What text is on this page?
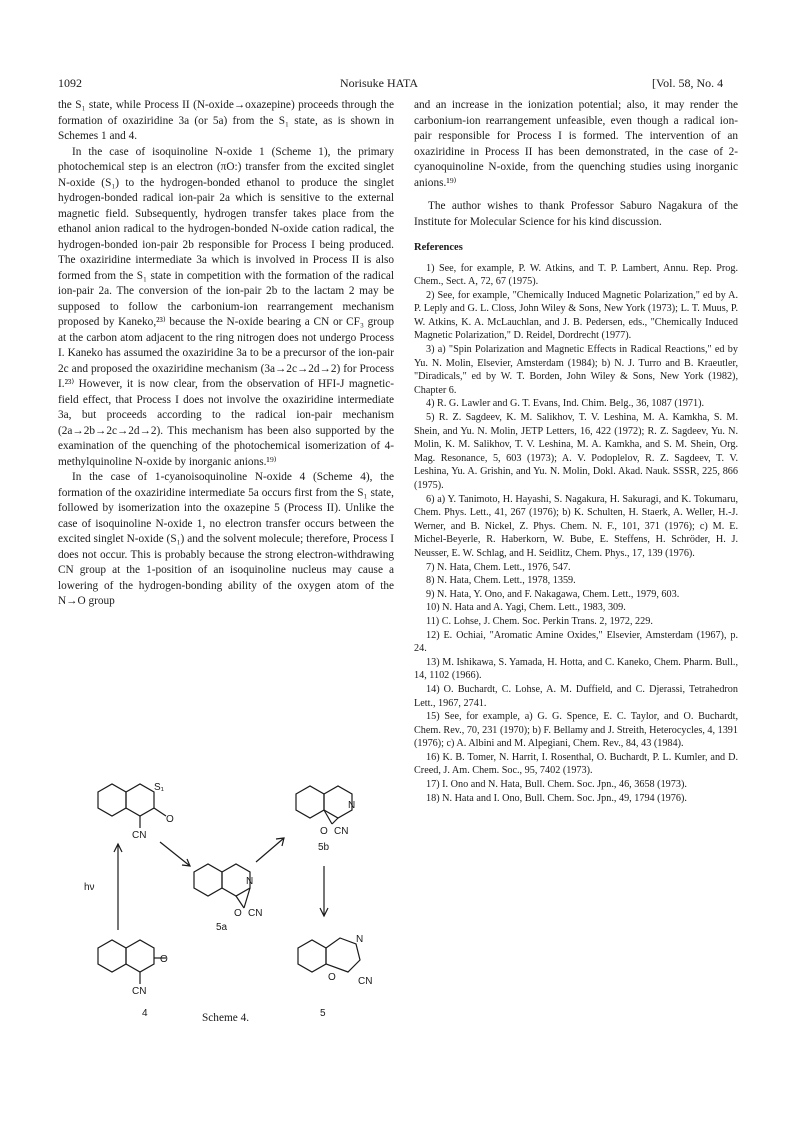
1092	Norisuke HATA	[Vol. 58, No. 4

the S₁ state, while Process II (N-oxide→oxazepine) proceeds through the formation of oxaziridine 3a (or 5a) from the S₁ state, as is shown in Schemes 1 and 4.

In the case of isoquinoline N-oxide 1 (Scheme 1), the primary photochemical step is an electron (πO:) transfer from the excited singlet N-oxide (S₁) to the hydrogen-bonded ethanol to produce the singlet hydrogen-bonded radical ion-pair 2a which is sensitive to the external magnetic field. Subsequently, hydrogen transfer takes place from the ethanol anion radical to the hydrogen-bonded N-oxide cation radical, the hydrogen-bonded ion-pair 2b responsible for Process I being produced. The oxaziridine intermediate 3a which is involved in Process II is also formed from the S₁ state in competition with the formation of the radical ion-pair 2a. The conversion of the ion-pair 2b to the lactam 2 may be supposed to follow the carbonium-ion rearrangement mechanism proposed by Kaneko,²³⁾ because the N-oxide bearing a CN or CF₃ group at the carbon atom adjacent to the ring nitrogen does not undergo Process I. Kaneko has assumed the oxaziridine 3a to be a precursor of the ion-pair 2c and proposed the oxaziridine mechanism (3a→2c→2d→2) for Process I.²³⁾ However, it is now clear, from the observation of HFI-J magnetic-field effect, that Process I does not involve the oxaziridine intermediate 3a, but proceeds according to the radical ion-pair mechanism (2a→2b→2c→2d→2). This mechanism has been also supported by the examination of the quenching of the photochemical isomerization of 4-methylquinoline N-oxide by inorganic anions.¹⁹⁾

In the case of 1-cyanoisoquinoline N-oxide 4 (Scheme 4), the formation of the oxaziridine intermediate 5a occurs first from the S₁ state, followed by isomerization into the oxazepine 5 (Process II). Unlike the case of isoquinoline N-oxide 1, no electron transfer occurs between the excited singlet N-oxide (S₁) and the solvent molecule; therefore, Process I does not occur. This is probably because the strong electron-withdrawing CN group at the 1-position of an isoquinoline nucleus may cause a lowering of the hydrogen-bonding ability of the oxygen atom of the N→O group

S₁
O
CN
N
O CN
5a
N
O CN
5b
hν
O
CN
4
N
O CN
5
Scheme 4.

and an increase in the ionization potential; also, it may render the carbonium-ion rearrangement unfeasible, even though a radical ion-pair responsible for Process I is formed. The intervention of an oxaziridine in Process II has been demonstrated, in the case of 2-cyanoquinoline N-oxide, from the quenching studies using inorganic anions.¹⁹⁾

The author wishes to thank Professor Saburo Nagakura of the Institute for Molecular Science for his kind discussion.

References

1) See, for example, P. W. Atkins, and T. P. Lambert, Annu. Rep. Prog. Chem., Sect. A, 72, 67 (1975).

2) See, for example, "Chemically Induced Magnetic Polarization," ed by A. P. Leply and G. L. Closs, John Wiley & Sons, New York (1973); L. T. Muus, P. W. Atkins, K. A. McLauchlan, and J. B. Pedersen, eds., "Chemically Induced Magnetic Polarization," D. Reidel, Dordrecht (1977).

3) a) "Spin Polarization and Magnetic Effects in Radical Reactions," ed by Yu. N. Molin, Elsevier, Amsterdam (1984); b) N. J. Turro and B. Kraeutler, "Diradicals," ed by W. T. Borden, John Wiley & Sons, New York (1982), Chapter 6.

4) R. G. Lawler and G. T. Evans, Ind. Chim. Belg., 36, 1087 (1971).

5) R. Z. Sagdeev, K. M. Salikhov, T. V. Leshina, M. A. Kamkha, S. M. Shein, and Yu. N. Molin, JETP Letters, 16, 422 (1972); R. Z. Sagdeev, Yu. N. Molin, K. M. Salikhov, T. V. Leshina, M. A. Kamkha, and S. M. Shein, Org. Mag. Resonance, 5, 603 (1973); A. V. Podoplelov, R. Z. Sagdeev, T. V. Leshina, Yu. A. Grishin, and Yu. N. Molin, Dokl. Akad. Nauk. SSSR, 225, 866 (1975).

6) a) Y. Tanimoto, H. Hayashi, S. Nagakura, H. Sakuragi, and K. Tokumaru, Chem. Phys. Lett., 41, 267 (1976); b) K. Schulten, H. Staerk, A. Weller, H.-J. Werner, and B. Nickel, Z. Phys. Chem. N. F., 101, 371 (1976); c) M. E. Michel-Beyerle, R. Haberkorn, W. Bube, E. Steffens, H. Schröder, H. J. Neusser, E. W. Schlag, and H. Seidlitz, Chem. Phys., 17, 139 (1976).

7) N. Hata, Chem. Lett., 1976, 547.

8) N. Hata, Chem. Lett., 1978, 1359.

9) N. Hata, Y. Ono, and F. Nakagawa, Chem. Lett., 1979, 603.

10) N. Hata and A. Yagi, Chem. Lett., 1983, 309.

11) C. Lohse, J. Chem. Soc. Perkin Trans. 2, 1972, 229.

12) E. Ochiai, "Aromatic Amine Oxides," Elsevier, Amsterdam (1967), p. 24.

13) M. Ishikawa, S. Yamada, H. Hotta, and C. Kaneko, Chem. Pharm. Bull., 14, 1102 (1966).

14) O. Buchardt, C. Lohse, A. M. Duffield, and C. Djerassi, Tetrahedron Lett., 1967, 2741.

15) See, for example, a) G. G. Spence, E. C. Taylor, and O. Buchardt, Chem. Rev., 70, 231 (1970); b) F. Bellamy and J. Streith, Heterocycles, 4, 1391 (1976); c) A. Albini and M. Alpegiani, Chem. Rev., 84, 43 (1984).

16) K. B. Tomer, N. Harrit, I. Rosenthal, O. Buchardt, P. L. Kumler, and D. Creed, J. Am. Chem. Soc., 95, 7402 (1973).

17) I. Ono and N. Hata, Bull. Chem. Soc. Jpn., 46, 3658 (1973).

18) N. Hata and I. Ono, Bull. Chem. Soc. Jpn., 49, 1794 (1976).
